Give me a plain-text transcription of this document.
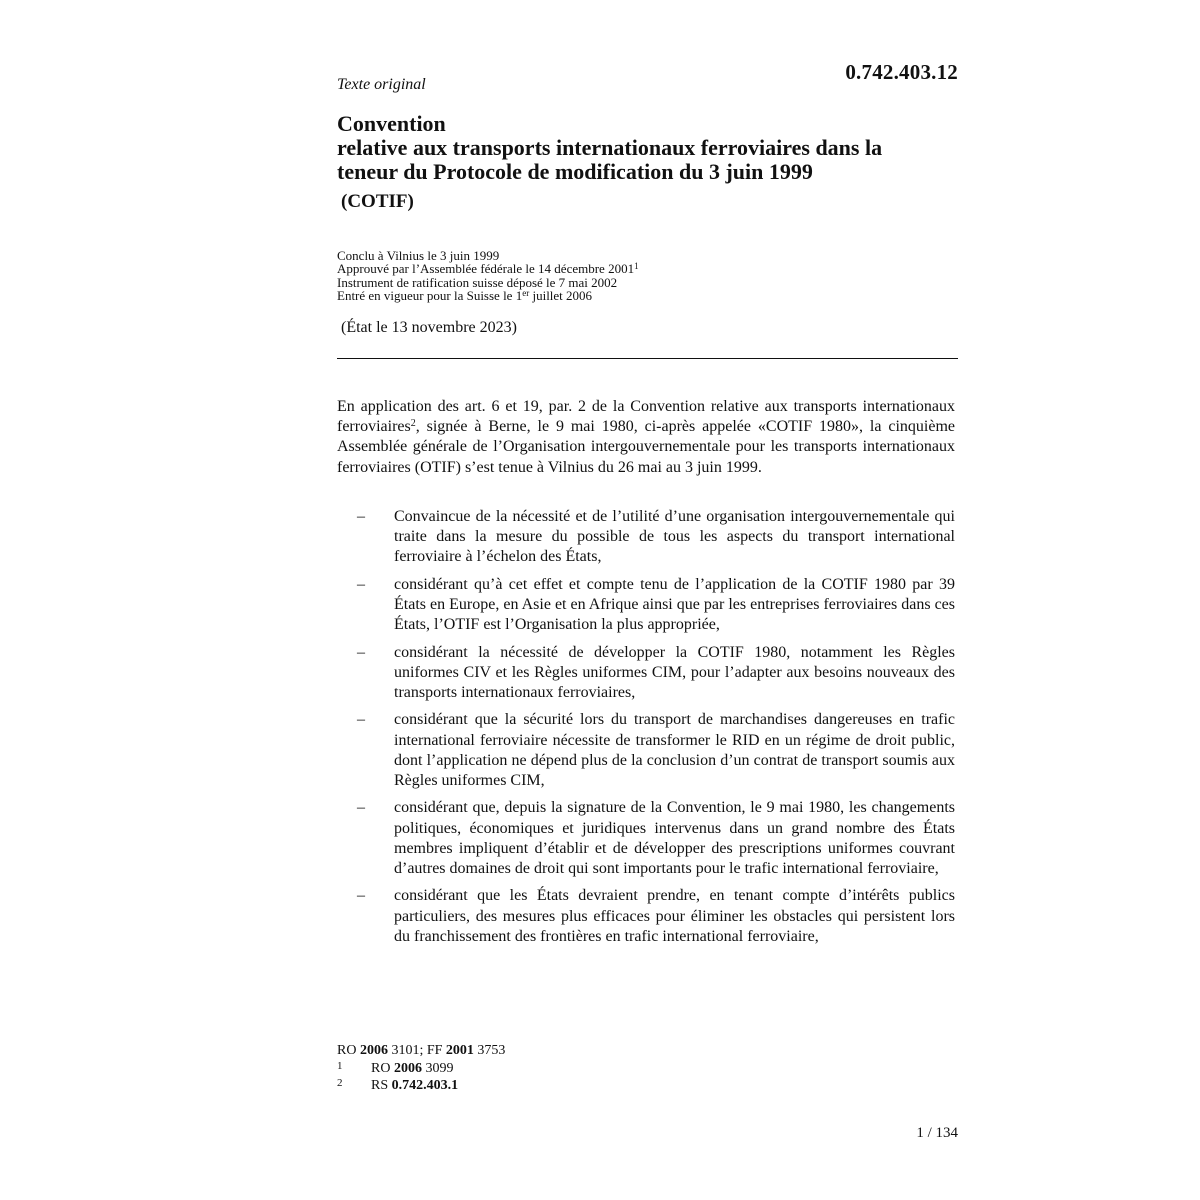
0.742.403.12
Texte original
Convention
relative aux transports internationaux ferroviaires dans la
teneur du Protocole de modification du 3 juin 1999
(COTIF)
Conclu à Vilnius le 3 juin 1999
Approuvé par l’Assemblée fédérale le 14 décembre 2001$^1$
Instrument de ratification suisse déposé le 7 mai 2002
Entré en vigueur pour la Suisse le 1er juillet 2006
(État le 13 novembre 2023)
En application des art. 6 et 19, par. 2 de la Convention relative aux transports internationaux ferroviaires$^2$, signée à Berne, le 9 mai 1980, ci-après appelée «COTIF 1980», la cinquième Assemblée générale de l’Organisation intergouvernementale pour les transports internationaux ferroviaires (OTIF) s’est tenue à Vilnius du 26 mai au 3 juin 1999.
– Convaincue de la nécessité et de l’utilité d’une organisation intergouvernementale qui traite dans la mesure du possible de tous les aspects du transport international ferroviaire à l’échelon des États,
– considérant qu’à cet effet et compte tenu de l’application de la COTIF 1980 par 39 États en Europe, en Asie et en Afrique ainsi que par les entreprises ferroviaires dans ces États, l’OTIF est l’Organisation la plus appropriée,
– considérant la nécessité de développer la COTIF 1980, notamment les Règles uniformes CIV et les Règles uniformes CIM, pour l’adapter aux besoins nouveaux des transports internationaux ferroviaires,
– considérant que la sécurité lors du transport de marchandises dangereuses en trafic international ferroviaire nécessite de transformer le RID en un régime de droit public, dont l’application ne dépend plus de la conclusion d’un contrat de transport soumis aux Règles uniformes CIM,
– considérant que, depuis la signature de la Convention, le 9 mai 1980, les changements politiques, économiques et juridiques intervenus dans un grand nombre des États membres impliquent d’établir et de développer des prescriptions uniformes couvrant d’autres domaines de droit qui sont importants pour le trafic international ferroviaire,
– considérant que les États devraient prendre, en tenant compte d’intérêts publics particuliers, des mesures plus efficaces pour éliminer les obstacles qui persistent lors du franchissement des frontières en trafic international ferroviaire,
RO 2006 3101; FF 2001 3753
1 RO 2006 3099
2 RS 0.742.403.1
1 / 134
